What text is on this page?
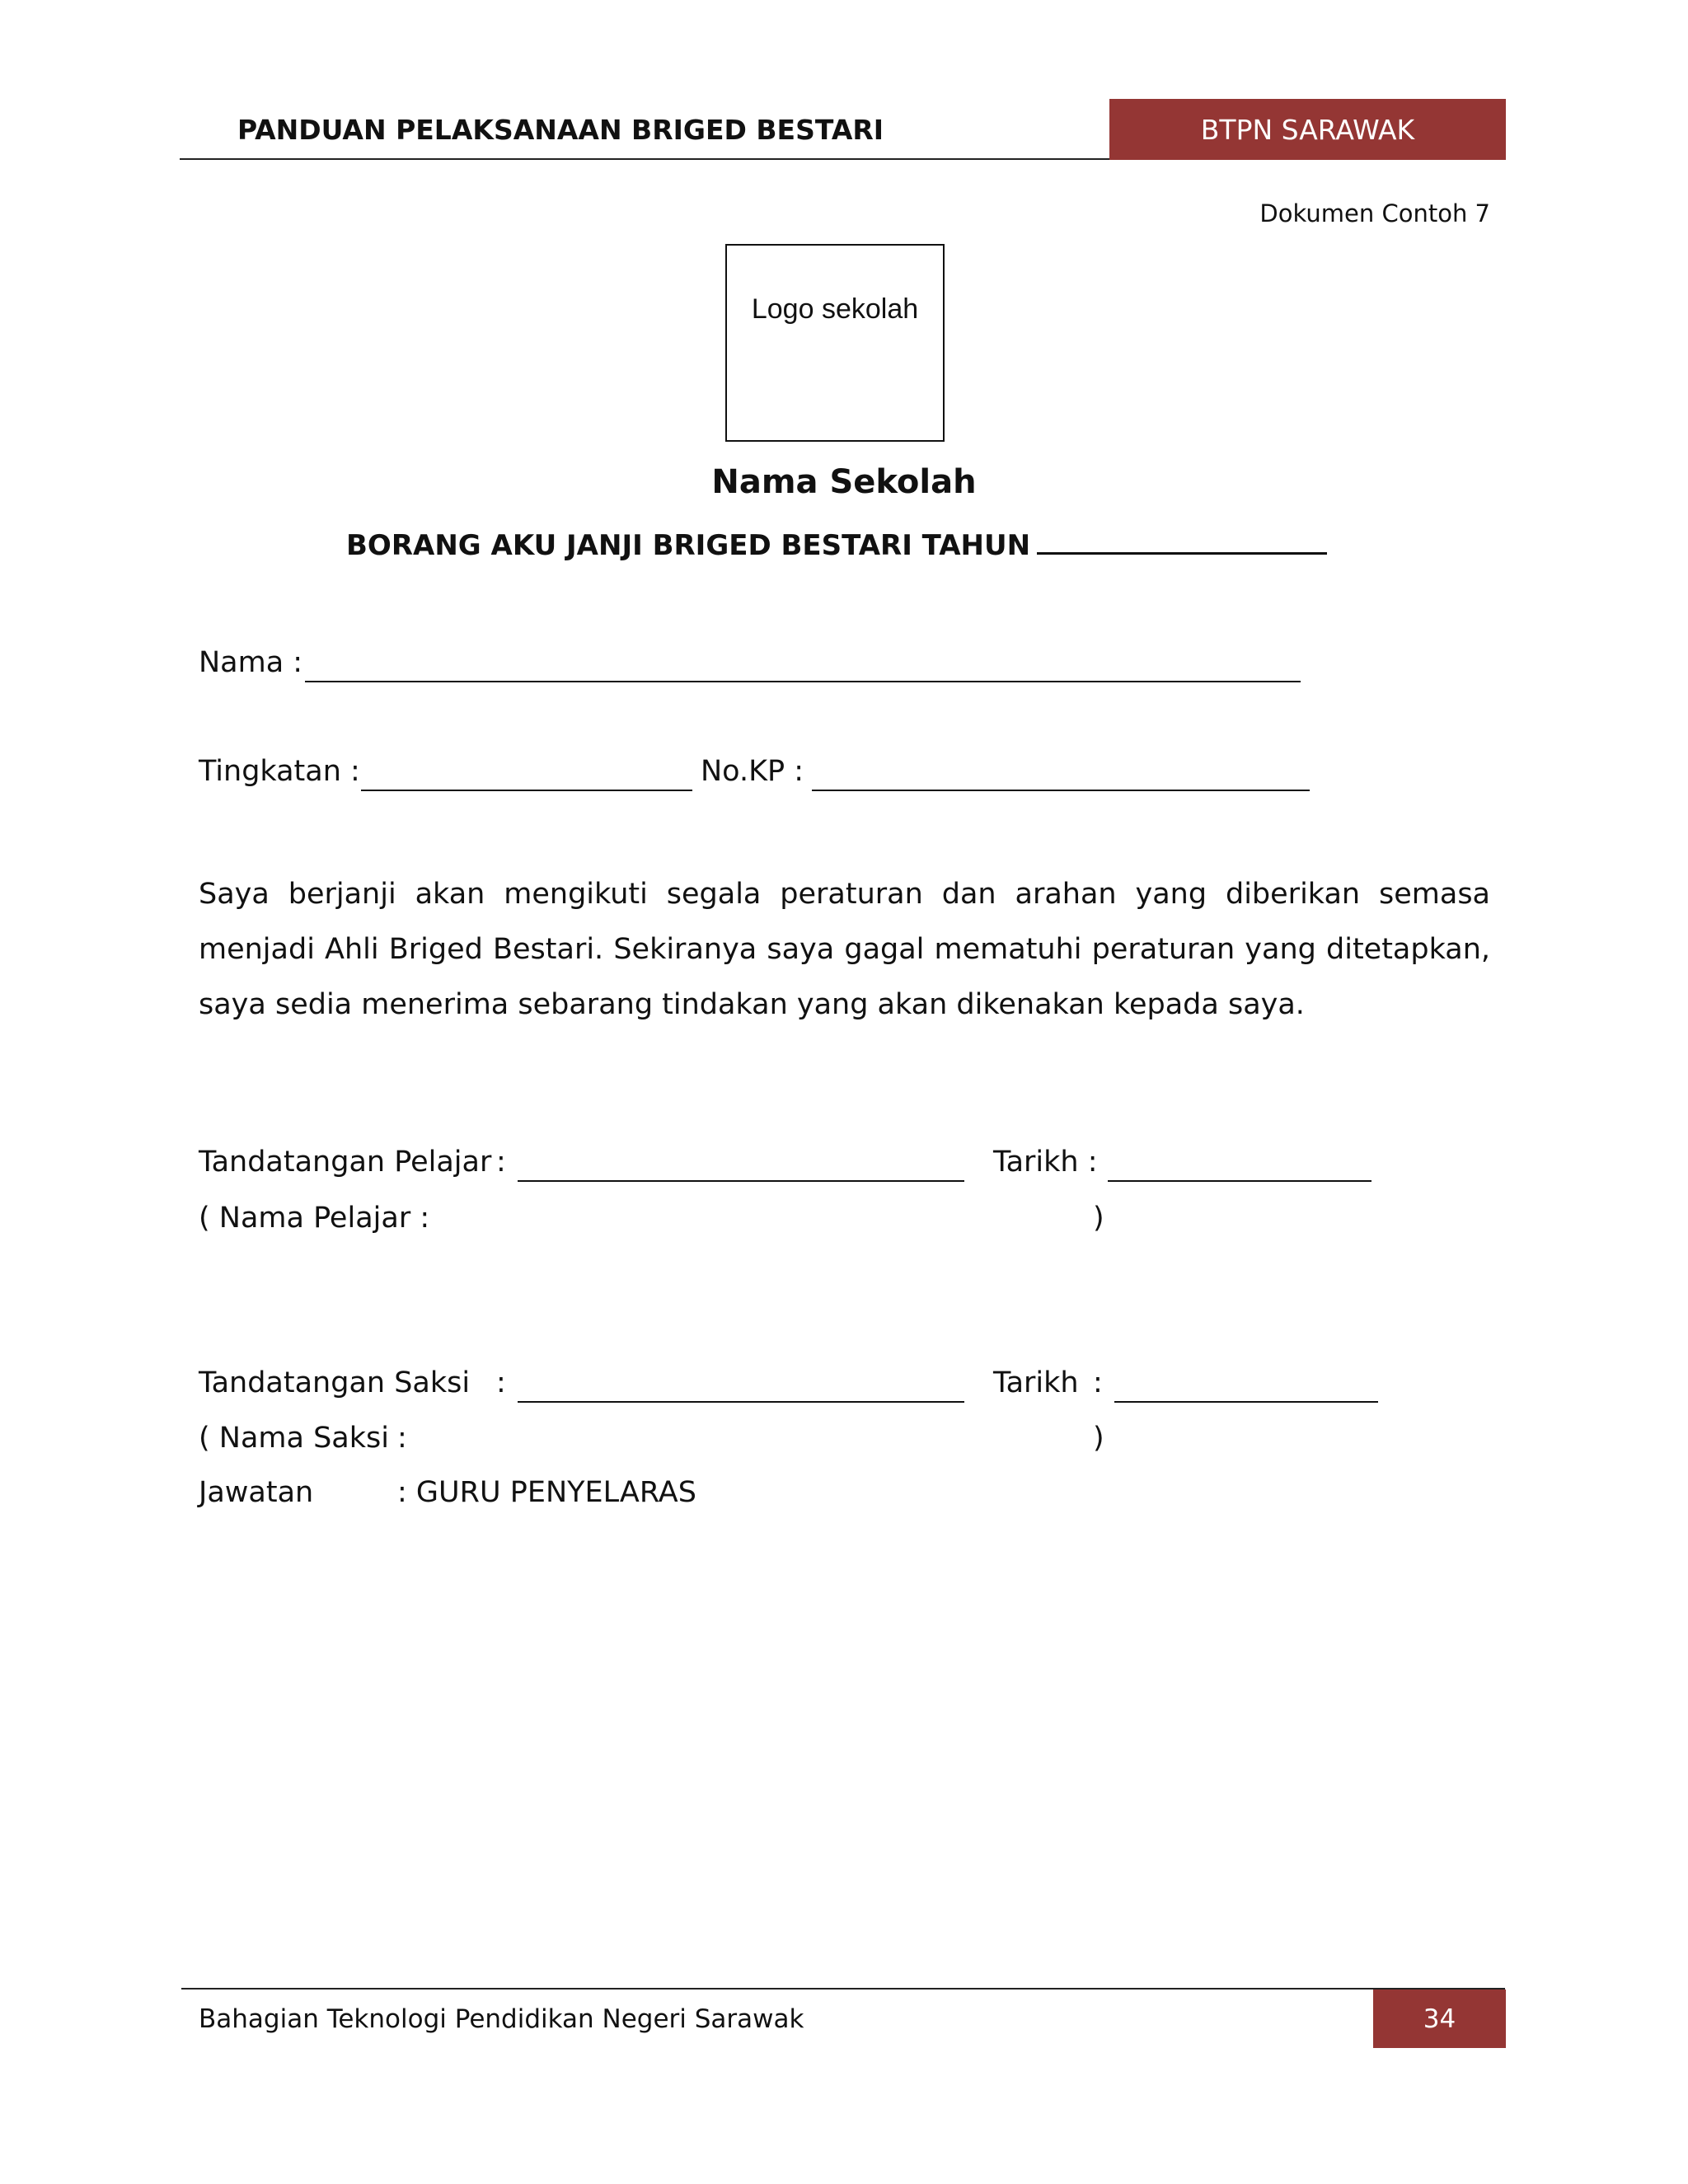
PANDUAN PELAKSANAAN BRIGED BESTARI	BTPN SARAWAK
Dokumen Contoh 7
Logo sekolah
Nama Sekolah
BORANG AKU JANJI BRIGED BESTARI TAHUN
Nama :
Tingkatan :	No.KP :
Saya berjanji akan mengikuti segala peraturan dan arahan yang diberikan semasa menjadi Ahli Briged Bestari. Sekiranya saya gagal mematuhi peraturan yang ditetapkan, saya sedia menerima sebarang tindakan yang akan dikenakan kepada saya.
Tandatangan Pelajar :	Tarikh :
( Nama Pelajar :	)
Tandatangan Saksi :	Tarikh :
( Nama Saksi :	)
Jawatan	: GURU PENYELARAS
Bahagian Teknologi Pendidikan Negeri Sarawak	34
